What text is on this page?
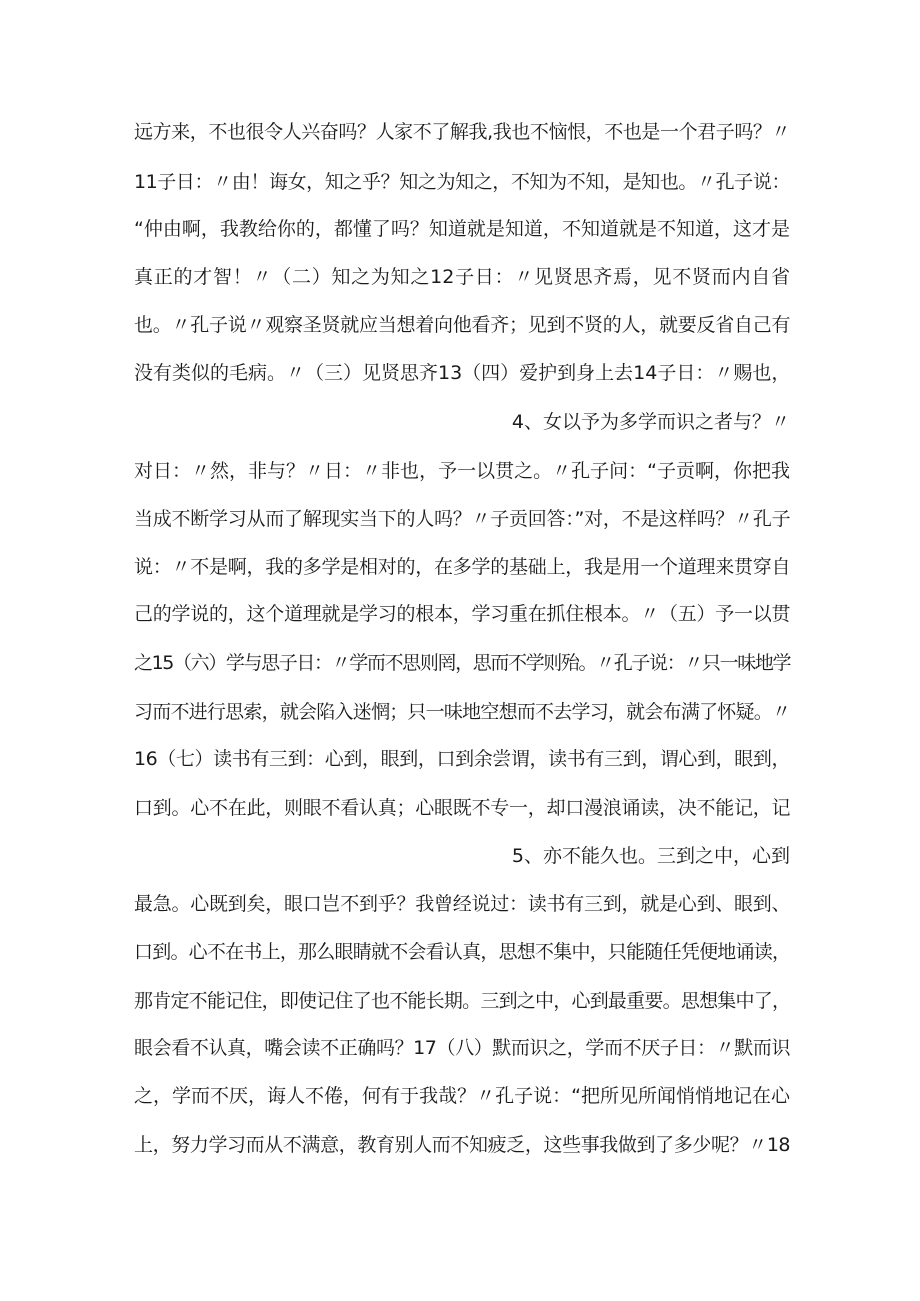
远方来，不也很令人兴奋吗？人家不了解我,我也不恼恨，不也是一个君子吗？〃
11子日：〃由！诲女，知之乎？知之为知之，不知为不知，是知也。〃孔子说：
“仲由啊，我教给你的，都懂了吗？知道就是知道，不知道就是不知道，这才是
真正的才智！〃（二）知之为知之12子日：〃见贤思齐焉，见不贤而内自省
也。〃孔子说〃观察圣贤就应当想着向他看齐；见到不贤的人，就要反省自己有
没有类似的毛病。〃（三）见贤思齐13（四）爱护到身上去14子日：〃赐也，
4、女以予为多学而识之者与？〃
对日：〃然，非与？〃日：〃非也，予一以贯之。〃孔子问：“子贡啊，你把我
当成不断学习从而了解现实当下的人吗？〃子贡回答：”对，不是这样吗？〃孔子
说：〃不是啊，我的多学是相对的，在多学的基础上，我是用一个道理来贯穿自
己的学说的，这个道理就是学习的根本，学习重在抓住根本。〃（五）予一以贯
之15（六）学与思子日：〃学而不思则罔，思而不学则殆。〃孔子说：〃只一味地学
习而不进行思索，就会陷入迷惘；只一味地空想而不去学习，就会布满了怀疑。〃
16（七）读书有三到：心到，眼到，口到余尝谓，读书有三到，谓心到，眼到，
口到。心不在此，则眼不看认真；心眼既不专一，却口漫浪诵读，决不能记，记
5、亦不能久也。三到之中，心到
最急。心既到矣，眼口岂不到乎？我曾经说过：读书有三到，就是心到、眼到、
口到。心不在书上，那么眼睛就不会看认真，思想不集中，只能随任凭便地诵读，
那肯定不能记住，即使记住了也不能长期。三到之中，心到最重要。思想集中了，
眼会看不认真，嘴会读不正确吗？17（八）默而识之，学而不厌子日：〃默而识
之，学而不厌，诲人不倦，何有于我哉？〃孔子说：“把所见所闻悄悄地记在心
上，努力学习而从不满意，教育别人而不知疲乏，这些事我做到了多少呢？〃18
